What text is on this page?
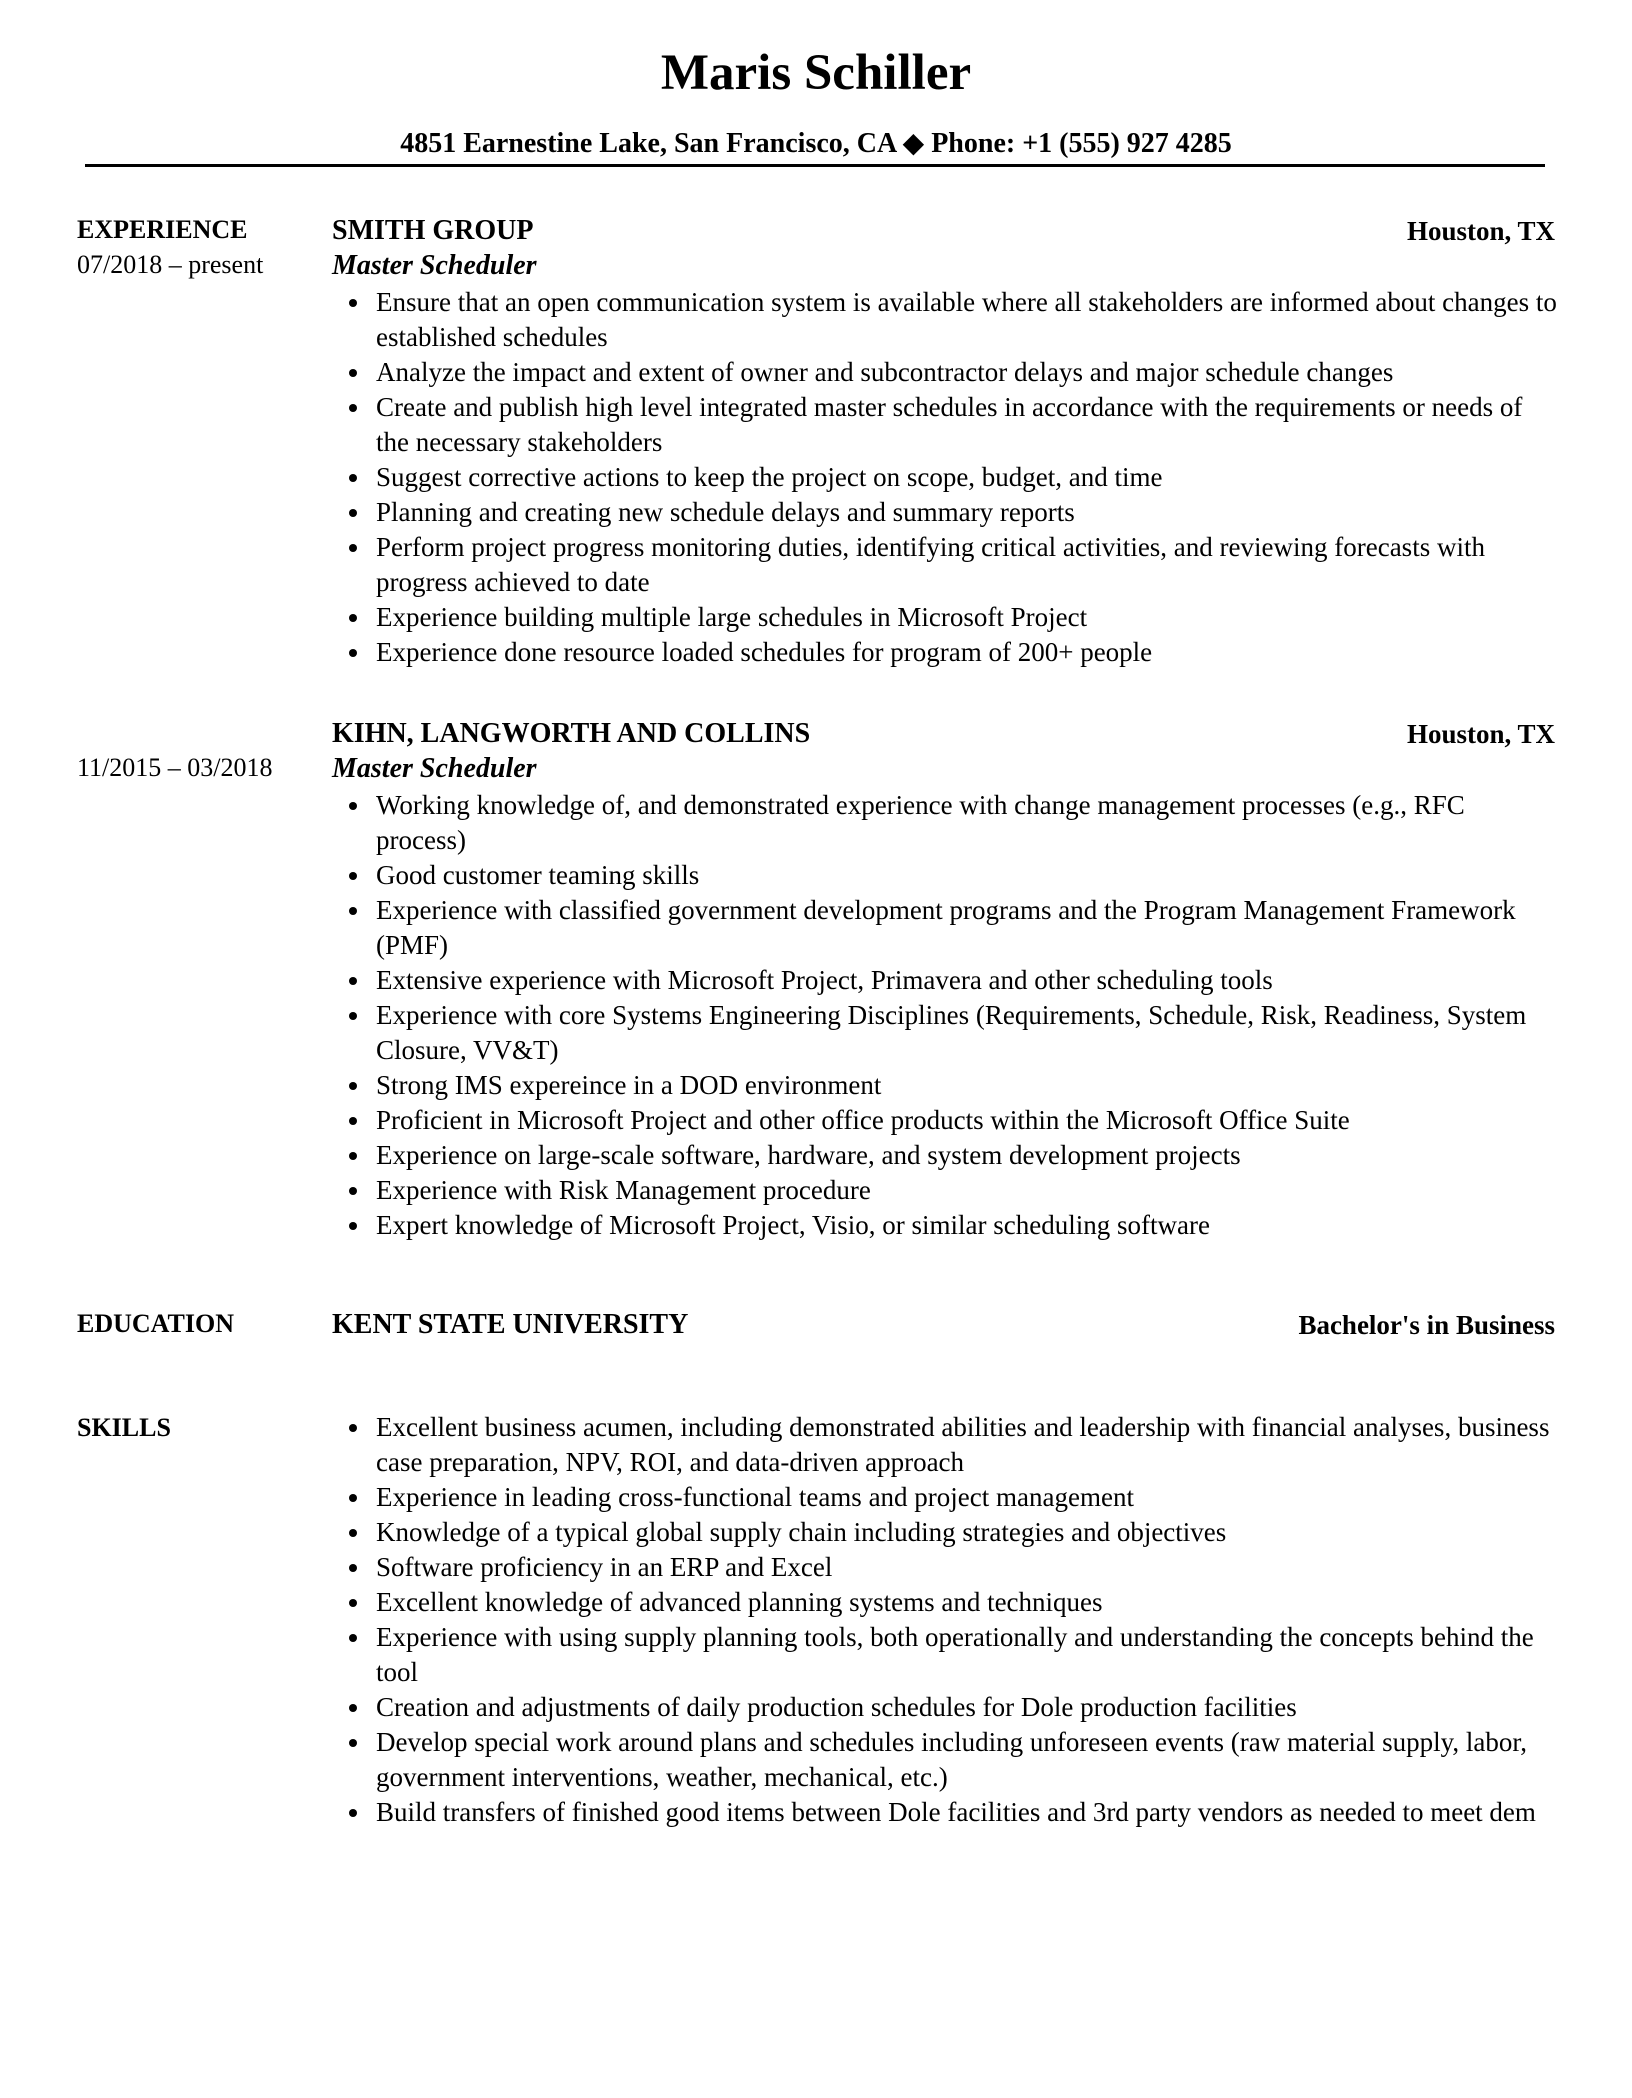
Maris Schiller
4851 Earnestine Lake, San Francisco, CA ◆ Phone: +1 (555) 927 4285
EXPERIENCE
07/2018 – present
SMITH GROUP	Houston, TX
Master Scheduler
Ensure that an open communication system is available where all stakeholders are informed about changes to established schedules
Analyze the impact and extent of owner and subcontractor delays and major schedule changes
Create and publish high level integrated master schedules in accordance with the requirements or needs of the necessary stakeholders
Suggest corrective actions to keep the project on scope, budget, and time
Planning and creating new schedule delays and summary reports
Perform project progress monitoring duties, identifying critical activities, and reviewing forecasts with progress achieved to date
Experience building multiple large schedules in Microsoft Project
Experience done resource loaded schedules for program of 200+ people
11/2015 – 03/2018
KIHN, LANGWORTH AND COLLINS	Houston, TX
Master Scheduler
Working knowledge of, and demonstrated experience with change management processes (e.g., RFC process)
Good customer teaming skills
Experience with classified government development programs and the Program Management Framework (PMF)
Extensive experience with Microsoft Project, Primavera and other scheduling tools
Experience with core Systems Engineering Disciplines (Requirements, Schedule, Risk, Readiness, System Closure, VV&T)
Strong IMS expereince in a DOD environment
Proficient in Microsoft Project and other office products within the Microsoft Office Suite
Experience on large-scale software, hardware, and system development projects
Experience with Risk Management procedure
Expert knowledge of Microsoft Project, Visio, or similar scheduling software
EDUCATION	KENT STATE UNIVERSITY	Bachelor's in Business
SKILLS	Excellent business acumen, including demonstrated abilities and leadership with financial analyses, business case preparation, NPV, ROI, and data-driven approach
Experience in leading cross-functional teams and project management
Knowledge of a typical global supply chain including strategies and objectives
Software proficiency in an ERP and Excel
Excellent knowledge of advanced planning systems and techniques
Experience with using supply planning tools, both operationally and understanding the concepts behind the tool
Creation and adjustments of daily production schedules for Dole production facilities
Develop special work around plans and schedules including unforeseen events (raw material supply, labor, government interventions, weather, mechanical, etc.)
Build transfers of finished good items between Dole facilities and 3rd party vendors as needed to meet dem
